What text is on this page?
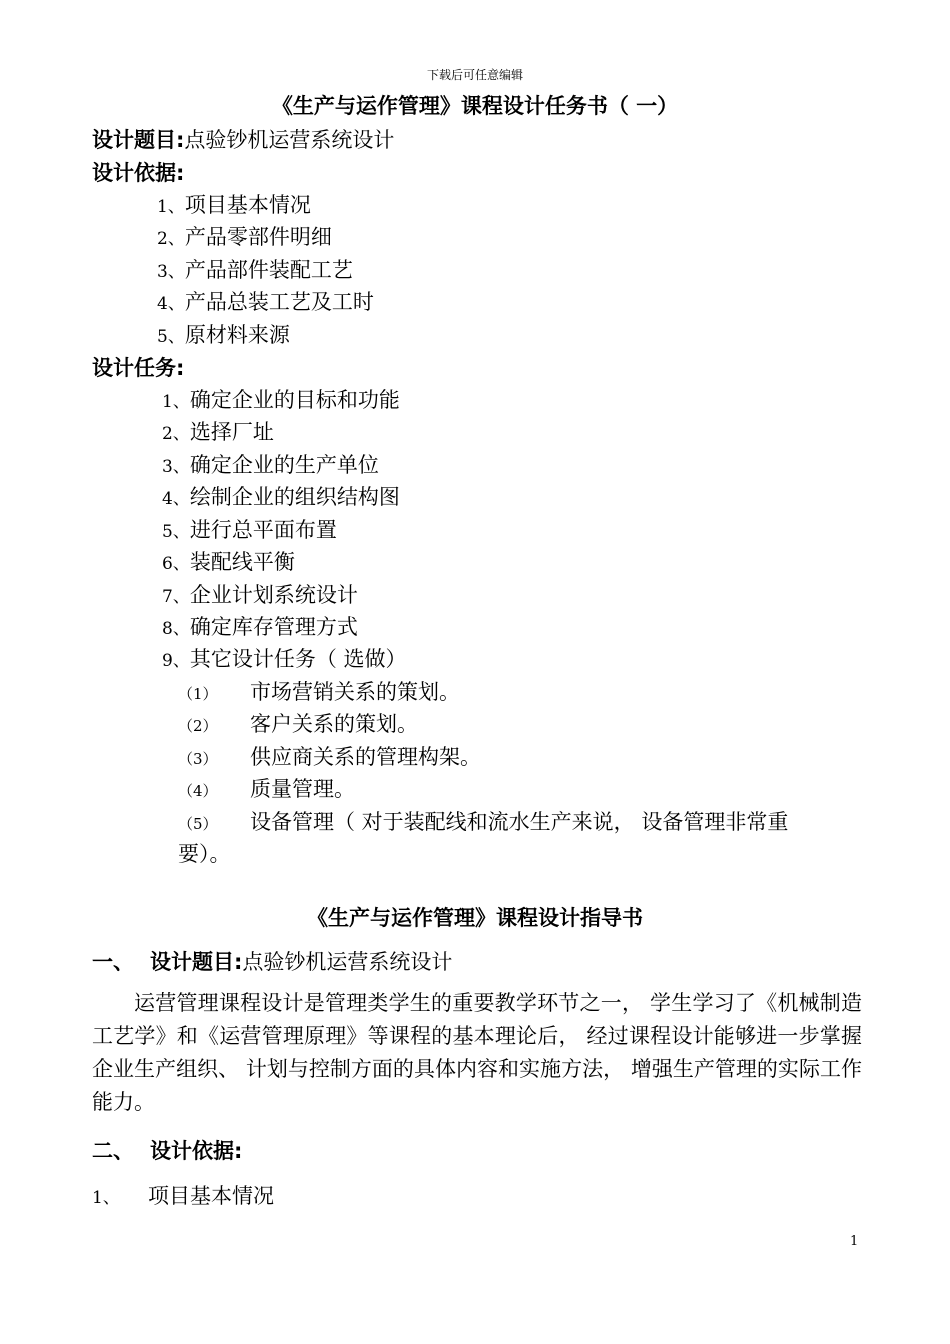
下载后可任意编辑
《生产与运作管理》课程设计任务书（ 一）
设计题目:点验钞机运营系统设计
设计依据:
1、项目基本情况
2、产品零部件明细
3、产品部件装配工艺
4、产品总装工艺及工时
5、原材料来源
设计任务:
1、确定企业的目标和功能
2、选择厂址
3、确定企业的生产单位
4、绘制企业的组织结构图
5、进行总平面布置
6、装配线平衡
7、企业计划系统设计
8、确定库存管理方式
9、其它设计任务（ 选做）
（1） 市场营销关系的策划。
（2） 客户关系的策划。
（3） 供应商关系的管理构架。
（4） 质量管理。
（5） 设备管理（ 对于装配线和流水生产来说， 设备管理非常重
要）。
《生产与运作管理》课程设计指导书
一、 设计题目:点验钞机运营系统设计
运营管理课程设计是管理类学生的重要教学环节之一， 学生学习了《机械制造工艺学》和《运营管理原理》等课程的基本理论后， 经过课程设计能够进一步掌握企业生产组织、 计划与控制方面的具体内容和实施方法， 增强生产管理的实际工作能力。
二、 设计依据:
1、 项目基本情况
1
